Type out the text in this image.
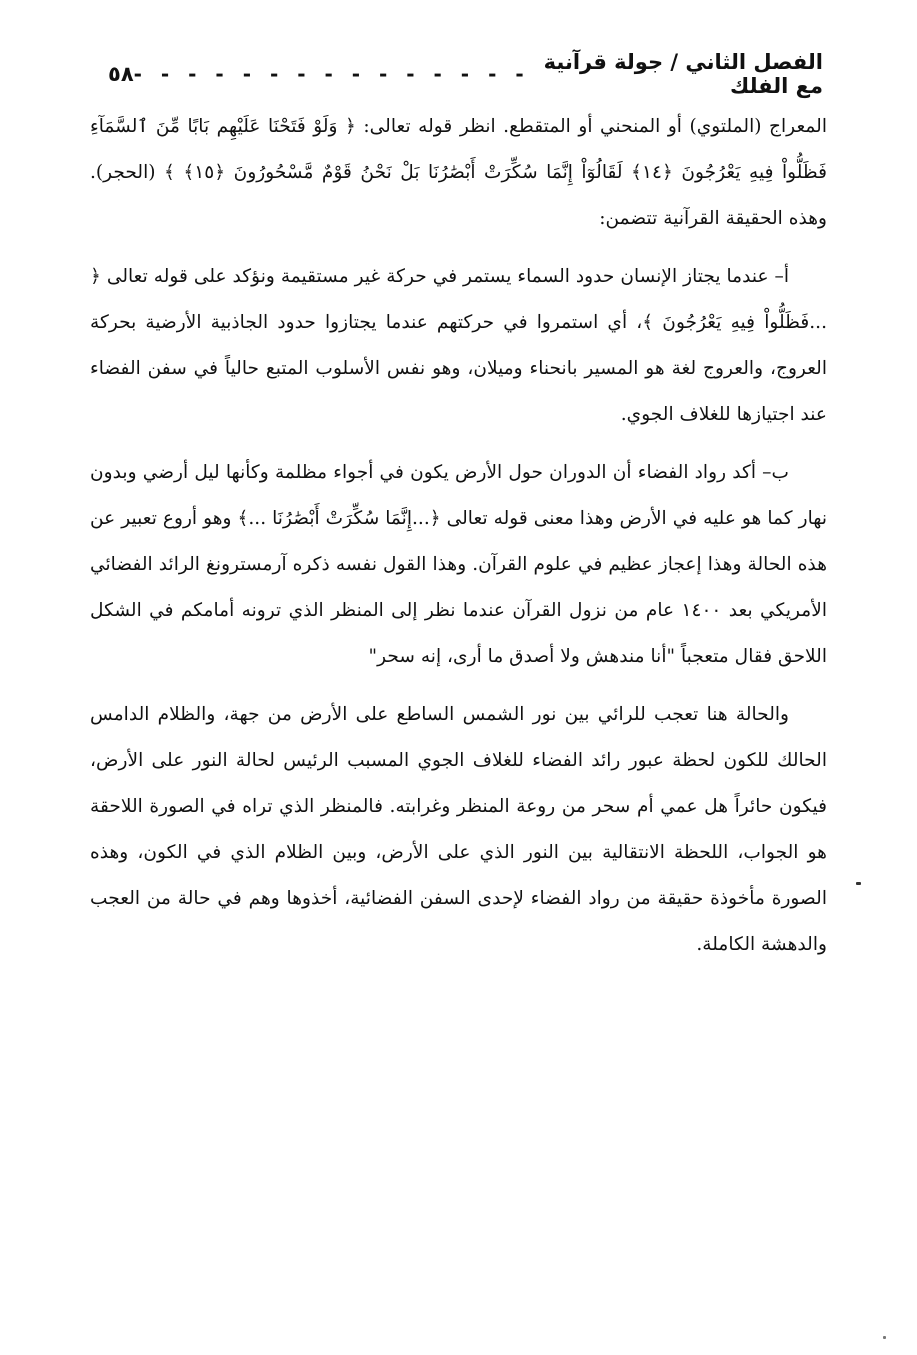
الفصل الثاني / جولة قرآنية مع الفلك
- - - - - - - - - - - - - - -
٥٨

المعراج (الملتوي) أو المنحني أو المتقطع. انظر قوله تعالى: ﴿ وَلَوْ فَتَحْنَا عَلَيْهِم بَابًا مِّنَ ٱلسَّمَآءِ فَظَلُّواْ فِيهِ يَعْرُجُونَ ﴿١٤﴾ لَقَالُوٓاْ إِنَّمَا سُكِّرَتْ أَبْصَٰرُنَا بَلْ نَحْنُ قَوْمٌ مَّسْحُورُونَ ﴿١٥﴾ ﴾ (الحجر). وهذه الحقيقة القرآنية تتضمن:

أ– عندما يجتاز الإنسان حدود السماء يستمر في حركة غير مستقيمة ونؤكد على قوله تعالى ﴿ ...فَظَلُّواْ فِيهِ يَعْرُجُونَ ﴾، أي استمروا في حركتهم عندما يجتازوا حدود الجاذبية الأرضية بحركة العروج، والعروج لغة هو المسير بانحناء وميلان، وهو نفس الأسلوب المتبع حالياً في سفن الفضاء عند اجتيازها للغلاف الجوي.

ب– أكد رواد الفضاء أن الدوران حول الأرض يكون في أجواء مظلمة وكأنها ليل أرضي وبدون نهار كما هو عليه في الأرض وهذا معنى قوله تعالى ﴿...إِنَّمَا سُكِّرَتْ أَبْصَٰرُنَا ...﴾ وهو أروع تعبير عن هذه الحالة وهذا إعجاز عظيم في علوم القرآن. وهذا القول نفسه ذكره آرمسترونغ الرائد الفضائي الأمريكي بعد ١٤٠٠ عام من نزول القرآن عندما نظر إلى المنظر الذي ترونه أمامكم في الشكل اللاحق فقال متعجباً "أنا مندهش ولا أصدق ما أرى، إنه سحر"

والحالة هنا تعجب للرائي بين نور الشمس الساطع على الأرض من جهة، والظلام الدامس الحالك للكون لحظة عبور رائد الفضاء للغلاف الجوي المسبب الرئيس لحالة النور على الأرض، فيكون حائراً هل عمي أم سحر من روعة المنظر وغرابته. فالمنظر الذي تراه في الصورة اللاحقة هو الجواب، اللحظة الانتقالية بين النور الذي على الأرض، وبين الظلام الذي في الكون، وهذه الصورة مأخوذة حقيقة من رواد الفضاء لإحدى السفن الفضائية، أخذوها وهم في حالة من العجب والدهشة الكاملة.
